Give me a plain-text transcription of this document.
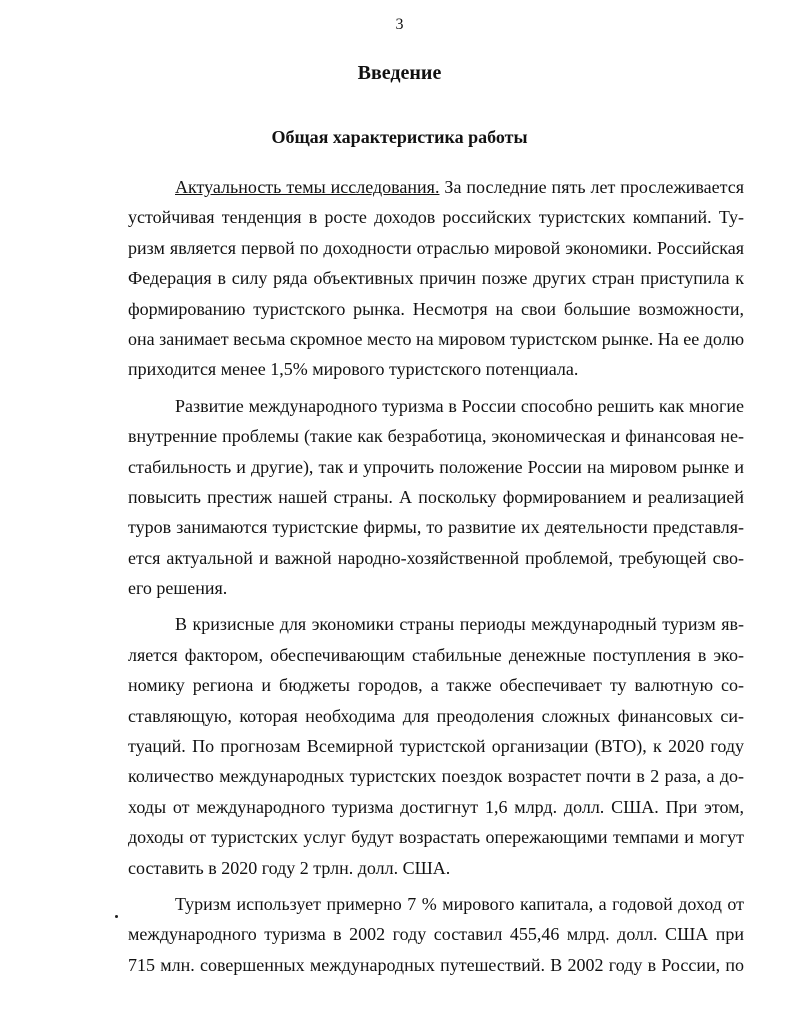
3
Введение
Общая характеристика работы
Актуальность темы исследования. За последние пять лет прослеживается
устойчивая тенденция в росте доходов российских туристских компаний. Ту-
ризм является первой по доходности отраслью мировой экономики. Российская
Федерация в силу ряда объективных причин позже других стран приступила к
формированию туристского рынка. Несмотря на свои большие возможности,
она занимает весьма скромное место на мировом туристском рынке. На ее долю
приходится менее 1,5% мирового туристского потенциала.
Развитие международного туризма в России способно решить как многие
внутренние проблемы (такие как безработица, экономическая и финансовая не-
стабильность и другие), так и упрочить положение России на мировом рынке и
повысить престиж нашей страны. А поскольку формированием и реализацией
туров занимаются туристские фирмы, то развитие их деятельности представля-
ется актуальной и важной народно-хозяйственной проблемой, требующей сво-
его решения.
В кризисные для экономики страны периоды международный туризм яв-
ляется фактором, обеспечивающим стабильные денежные поступления в эко-
номику региона и бюджеты городов, а также обеспечивает ту валютную со-
ставляющую, которая необходима для преодоления сложных финансовых си-
туаций. По прогнозам Всемирной туристской организации (ВТО), к 2020 году
количество международных туристских поездок возрастет почти в 2 раза, а до-
ходы от международного туризма достигнут 1,6 млрд. долл. США. При этом,
доходы от туристских услуг будут возрастать опережающими темпами и могут
составить в 2020 году 2 трлн. долл. США.
Туризм использует примерно 7 % мирового капитала, а годовой доход от
международного туризма в 2002 году составил 455,46 млрд. долл. США при
715 млн. совершенных международных путешествий. В 2002 году в России, по
